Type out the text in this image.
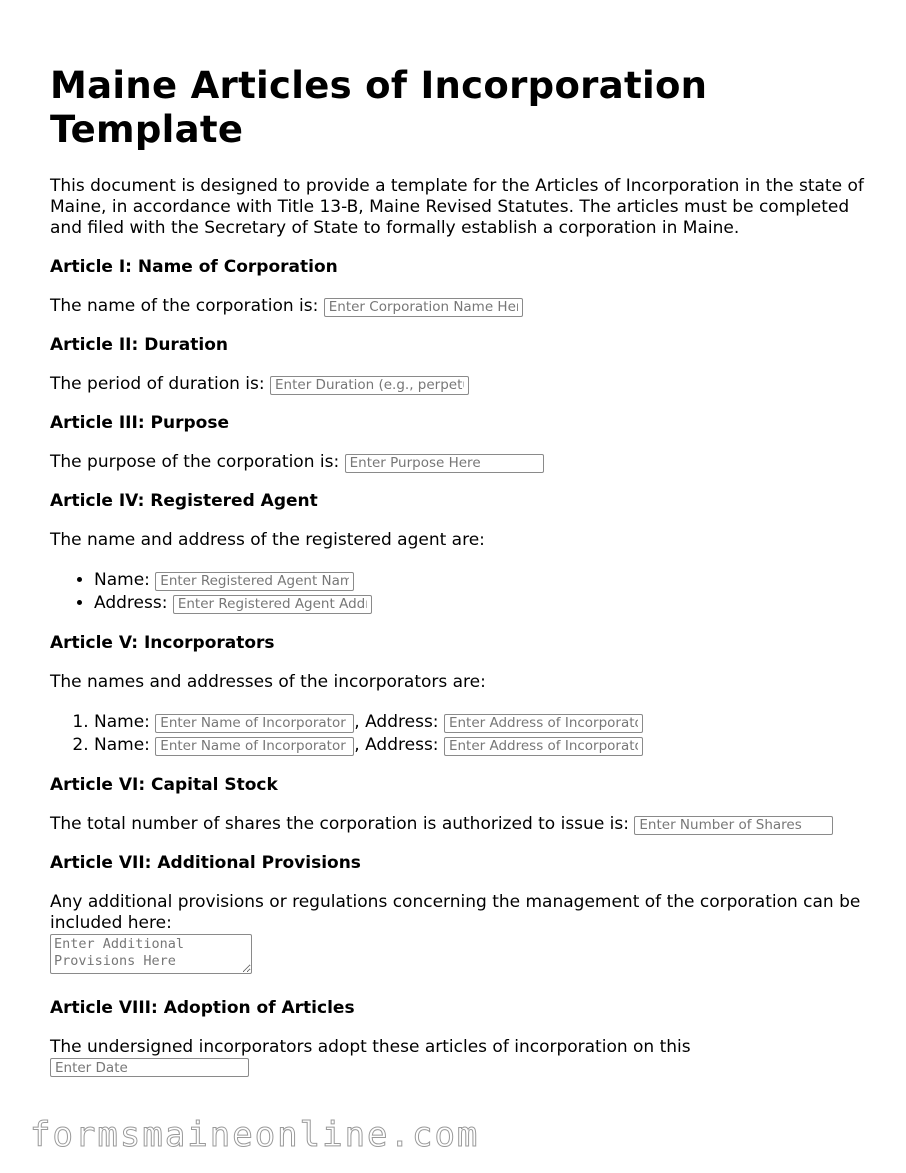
Maine Articles of Incorporation Template

This document is designed to provide a template for the Articles of Incorporation in the state of Maine, in accordance with Title 13-B, Maine Revised Statutes. The articles must be completed and filed with the Secretary of State to formally establish a corporation in Maine.

Article I: Name of Corporation

The name of the corporation is: Enter Corporation Name Here

Article II: Duration

The period of duration is: Enter Duration (e.g., perpetual)

Article III: Purpose

The purpose of the corporation is: Enter Purpose Here

Article IV: Registered Agent

The name and address of the registered agent are:

• Name: Enter Registered Agent Name
• Address: Enter Registered Agent Address
Article V: Incorporators

The names and addresses of the incorporators are:

1. Name: Enter Name of Incorporator	, Address: Enter Address of Incorporator
2. Name: Enter Name of Incorporator	, Address: Enter Address of Incorporator
Article VI: Capital Stock

The total number of shares the corporation is authorized to issue is: Enter Number of Shares

Article VII: Additional Provisions

Any additional provisions or regulations concerning the management of the corporation can be included here:

Enter Additional Provisions Here
Article VIII: Adoption of Articles

The undersigned incorporators adopt these articles of incorporation on this

Enter Date
formsmaineonline.com
